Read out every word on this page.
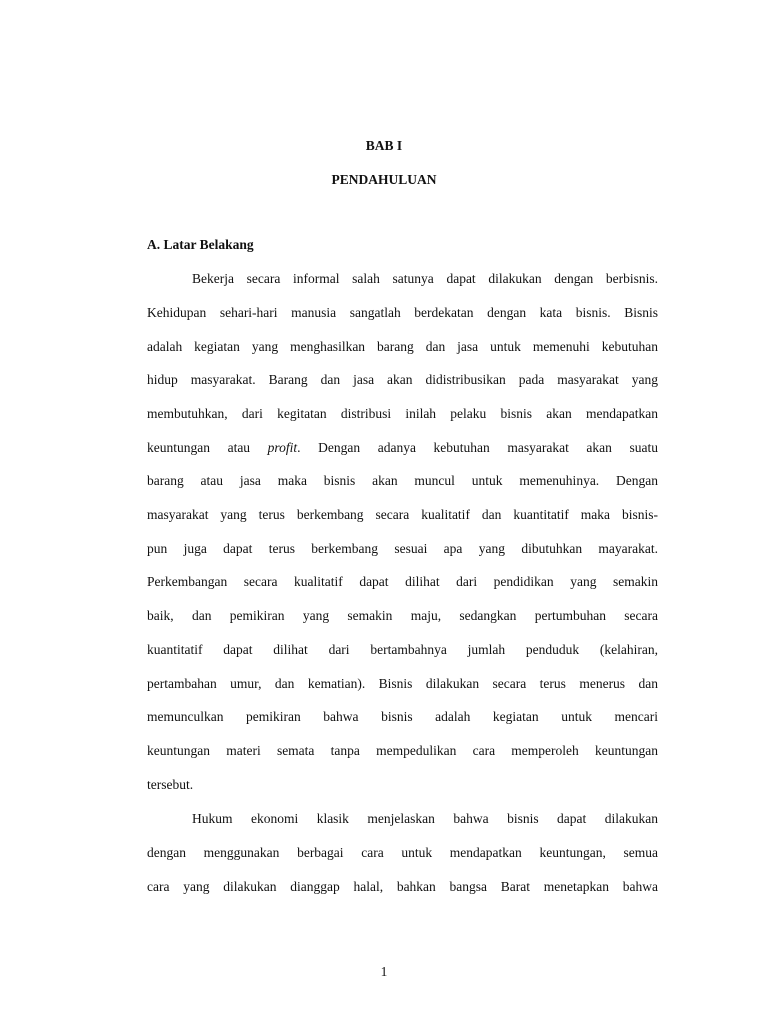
BAB I
PENDAHULUAN
A. Latar Belakang
Bekerja secara informal salah satunya dapat dilakukan dengan berbisnis.
Kehidupan sehari-hari manusia sangatlah berdekatan dengan kata bisnis. Bisnis
adalah kegiatan yang menghasilkan barang dan jasa untuk memenuhi kebutuhan
hidup masyarakat. Barang dan jasa akan didistribusikan pada masyarakat yang
membutuhkan, dari kegitatan distribusi inilah pelaku bisnis akan mendapatkan
keuntungan atau profit. Dengan adanya kebutuhan masyarakat akan suatu
barang atau jasa maka bisnis akan muncul untuk memenuhinya. Dengan
masyarakat yang terus berkembang secara kualitatif dan kuantitatif maka bisnis-
pun juga dapat terus berkembang sesuai apa yang dibutuhkan mayarakat.
Perkembangan secara kualitatif dapat dilihat dari pendidikan yang semakin
baik, dan pemikiran yang semakin maju, sedangkan pertumbuhan secara
kuantitatif dapat dilihat dari bertambahnya jumlah penduduk (kelahiran,
pertambahan umur, dan kematian). Bisnis dilakukan secara terus menerus dan
memunculkan pemikiran bahwa bisnis adalah kegiatan untuk mencari
keuntungan materi semata tanpa mempedulikan cara memperoleh keuntungan
tersebut.
Hukum ekonomi klasik menjelaskan bahwa bisnis dapat dilakukan
dengan menggunakan berbagai cara untuk mendapatkan keuntungan, semua
cara yang dilakukan dianggap halal, bahkan bangsa Barat menetapkan bahwa
1
